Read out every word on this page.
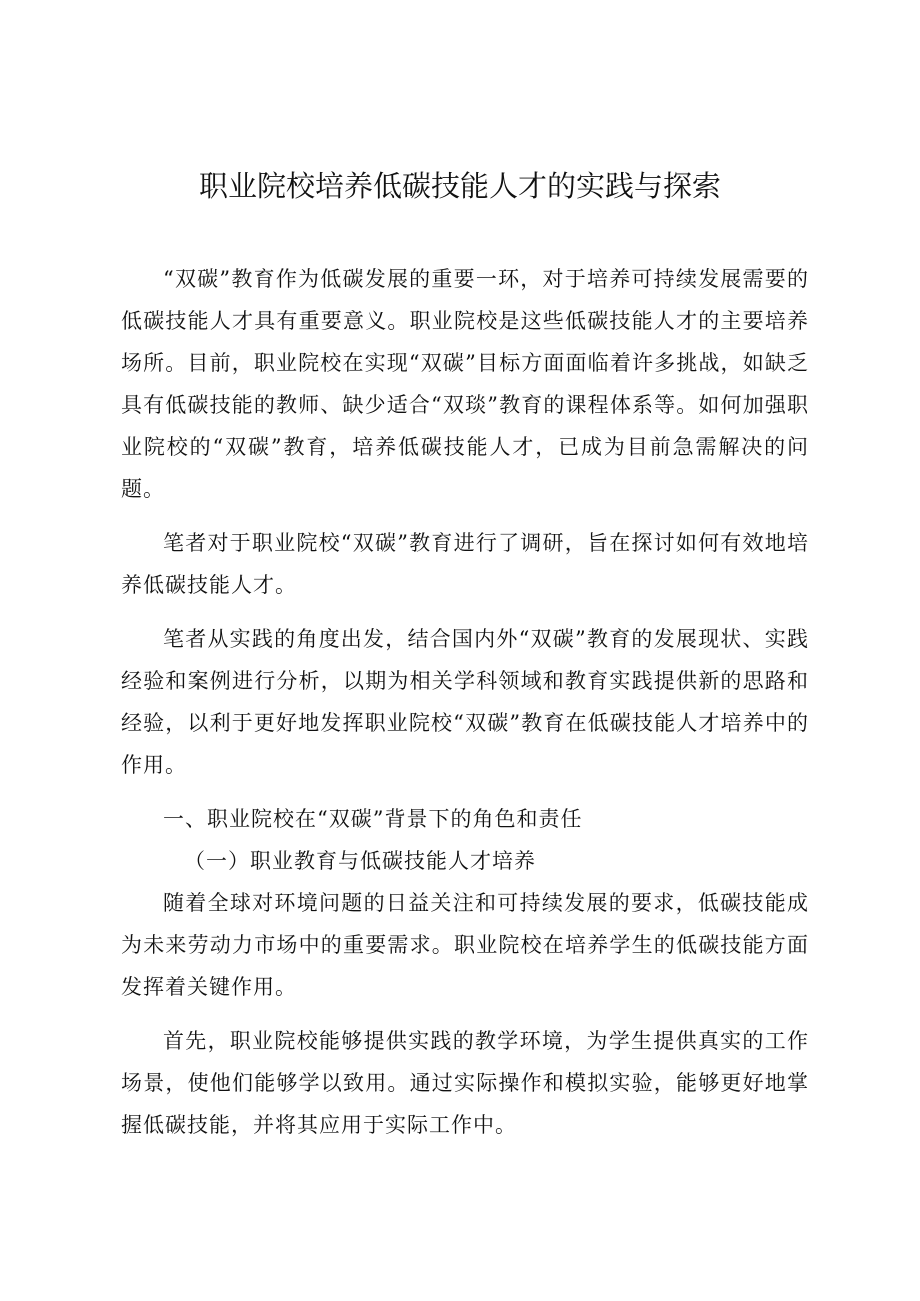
职业院校培养低碳技能人才的实践与探索

“双碳”教育作为低碳发展的重要一环，对于培养可持续发展需要的低碳技能人才具有重要意义。职业院校是这些低碳技能人才的主要培养场所。目前，职业院校在实现“双碳”目标方面面临着许多挑战，如缺乏具有低碳技能的教师、缺少适合“双琰”教育的课程体系等。如何加强职业院校的“双碳”教育，培养低碳技能人才，已成为目前急需解决的问题。

笔者对于职业院校“双碳”教育进行了调研，旨在探讨如何有效地培养低碳技能人才。

笔者从实践的角度出发，结合国内外“双碳”教育的发展现状、实践经验和案例进行分析，以期为相关学科领域和教育实践提供新的思路和经验，以利于更好地发挥职业院校“双碳”教育在低碳技能人才培养中的作用。

一、职业院校在“双碳”背景下的角色和责任

（一）职业教育与低碳技能人才培养

随着全球对环境问题的日益关注和可持续发展的要求，低碳技能成为未来劳动力市场中的重要需求。职业院校在培养学生的低碳技能方面发挥着关键作用。

首先，职业院校能够提供实践的教学环境，为学生提供真实的工作场景，使他们能够学以致用。通过实际操作和模拟实验，能够更好地掌握低碳技能，并将其应用于实际工作中。
